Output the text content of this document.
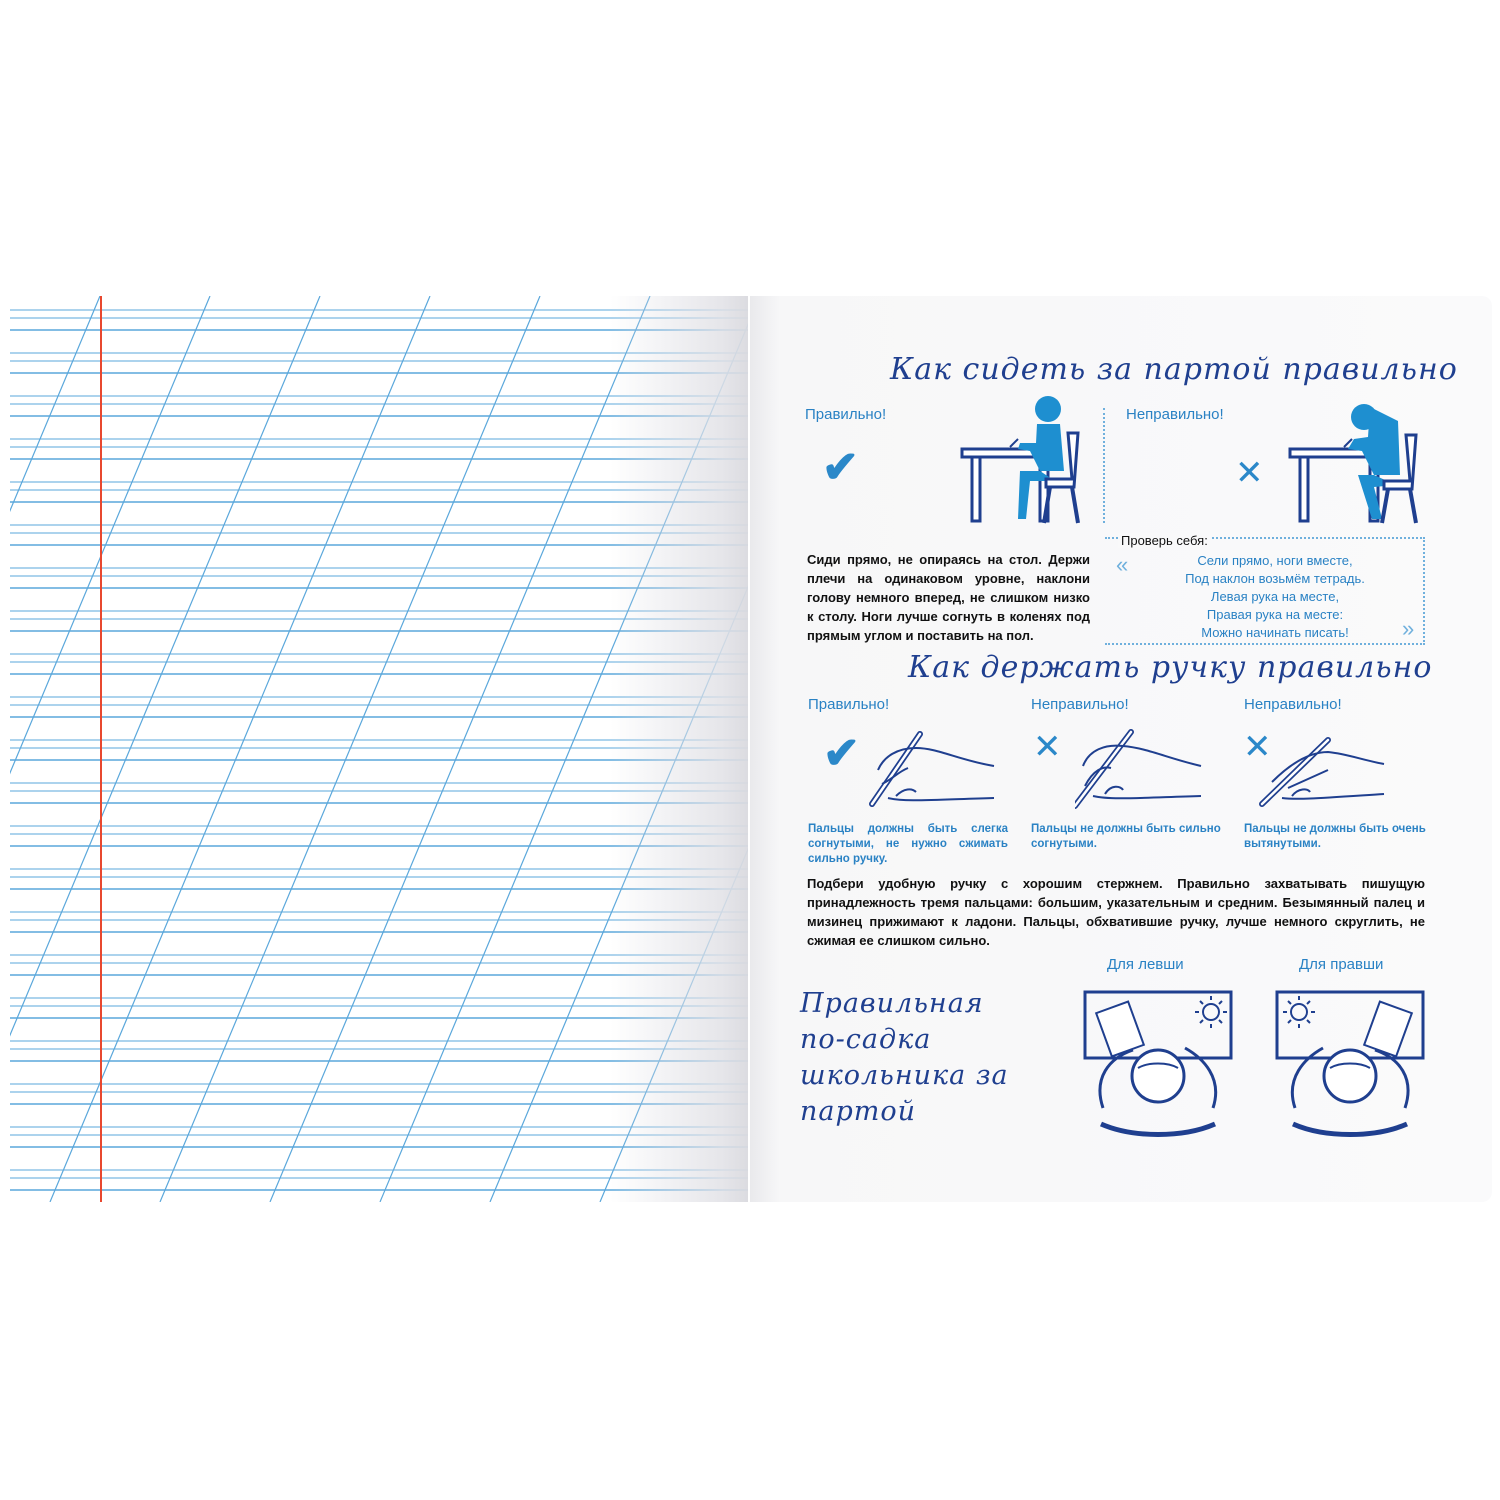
Как сидеть за партой правильно
Правильно!
✔
Неправильно!
✕
Сиди прямо, не опираясь на стол. Держи плечи на одинаковом уровне, наклони голову немного вперед, не слишком низко к столу. Ноги лучше согнуть в коленях под прямым углом и поставить на пол.
Проверь себя:
Сели прямо, ноги вместе,
Под наклон возьмём тетрадь.
Левая рука на месте,
Правая рука на месте:
Можно начинать писать!
«
»
Как держать ручку правильно
Правильно!	Неправильно!	Неправильно!
✔	✕	✕
Пальцы должны быть слегка согнутыми, не нужно сжимать сильно ручку.
Пальцы не должны быть сильно согнутыми.
Пальцы не должны быть очень вытянутыми.
Подбери удобную ручку с хорошим стержнем. Правильно захватывать пишущую принадлежность тремя пальцами: большим, указательным и средним. Безымянный палец и мизинец прижимают к ладони. Пальцы, обхватившие ручку, лучше немного скруглить, не сжимая ее слишком сильно.
Правильная по-садка школьника за партой
Для левши	Для правши
